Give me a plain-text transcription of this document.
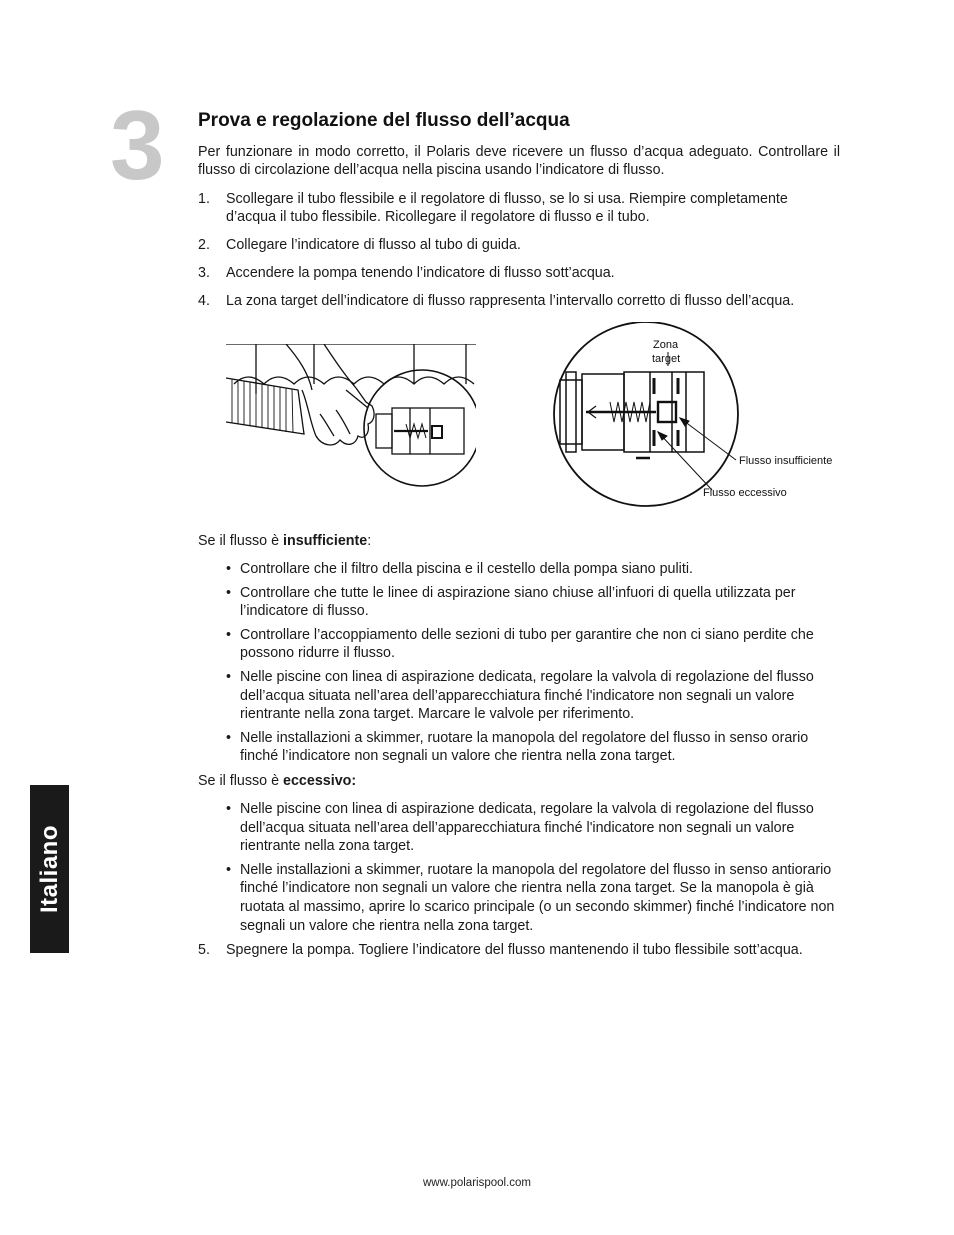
3 Prova e regolazione del flusso dell’acqua

Per funzionare in modo corretto, il Polaris deve ricevere un flusso d’acqua adeguato. Controllare il flusso di circolazione dell’acqua nella piscina usando l’indicatore di flusso.

1. Scollegare il tubo flessibile e il regolatore di flusso, se lo si usa. Riempire completamente d’acqua il tubo flessibile. Ricollegare il regolatore di flusso e il tubo.
2. Collegare l’indicatore di flusso al tubo di guida.
3. Accendere la pompa tenendo l’indicatore di flusso sott’acqua.
4. La zona target dell’indicatore di flusso rappresenta l’intervallo corretto di flusso dell’acqua.
Zona
target
Flusso insufficiente
Flusso eccessivo

Se il flusso è insufficiente:

• Controllare che il filtro della piscina e il cestello della pompa siano puliti.
• Controllare che tutte le linee di aspirazione siano chiuse all’infuori di quella utilizzata per l’indicatore di flusso.
• Controllare l’accoppiamento delle sezioni di tubo per garantire che non ci siano perdite che possono ridurre il flusso.
• Nelle piscine con linea di aspirazione dedicata, regolare la valvola di regolazione del flusso dell’acqua situata nell’area dell’apparecchiatura finché l'indicatore non segnali un valore rientrante nella zona target. Marcare le valvole per riferimento.
• Nelle installazioni a skimmer, ruotare la manopola del regolatore del flusso in senso orario finché l’indicatore non segnali un valore che rientra nella zona target.

Se il flusso è eccessivo:

• Nelle piscine con linea di aspirazione dedicata, regolare la valvola di regolazione del flusso dell’acqua situata nell’area dell’apparecchiatura finché l'indicatore non segnali un valore rientrante nella zona target.
• Nelle installazioni a skimmer, ruotare la manopola del regolatore del flusso in senso antiorario finché l’indicatore non segnali un valore che rientra nella zona target. Se la manopola è già ruotata al massimo, aprire lo scarico principale (o un secondo skimmer) finché l’indicatore non segnali un valore che rientra nella zona target.
5. Spegnere la pompa. Togliere l’indicatore del flusso mantenendo il tubo flessibile sott’acqua.
Italiano
www.polarispool.com
